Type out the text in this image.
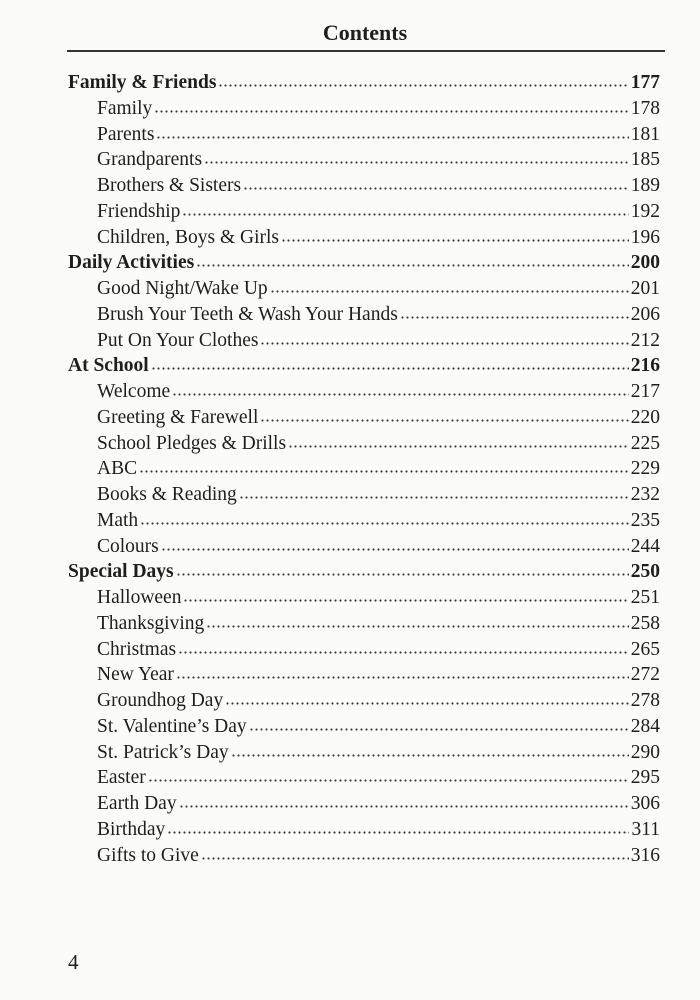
Contents
Family & Friends	177
Family	178
Parents	181
Grandparents	185
Brothers & Sisters	189
Friendship	192
Children, Boys & Girls	196
Daily Activities	200
Good Night/Wake Up	201
Brush Your Teeth & Wash Your Hands	206
Put On Your Clothes	212
At School	216
Welcome	217
Greeting & Farewell	220
School Pledges & Drills	225
ABC	229
Books & Reading	232
Math	235
Colours	244
Special Days	250
Halloween	251
Thanksgiving	258
Christmas	265
New Year	272
Groundhog Day	278
St. Valentine’s Day	284
St. Patrick’s Day	290
Easter	295
Earth Day	306
Birthday	311
Gifts to Give	316
4
